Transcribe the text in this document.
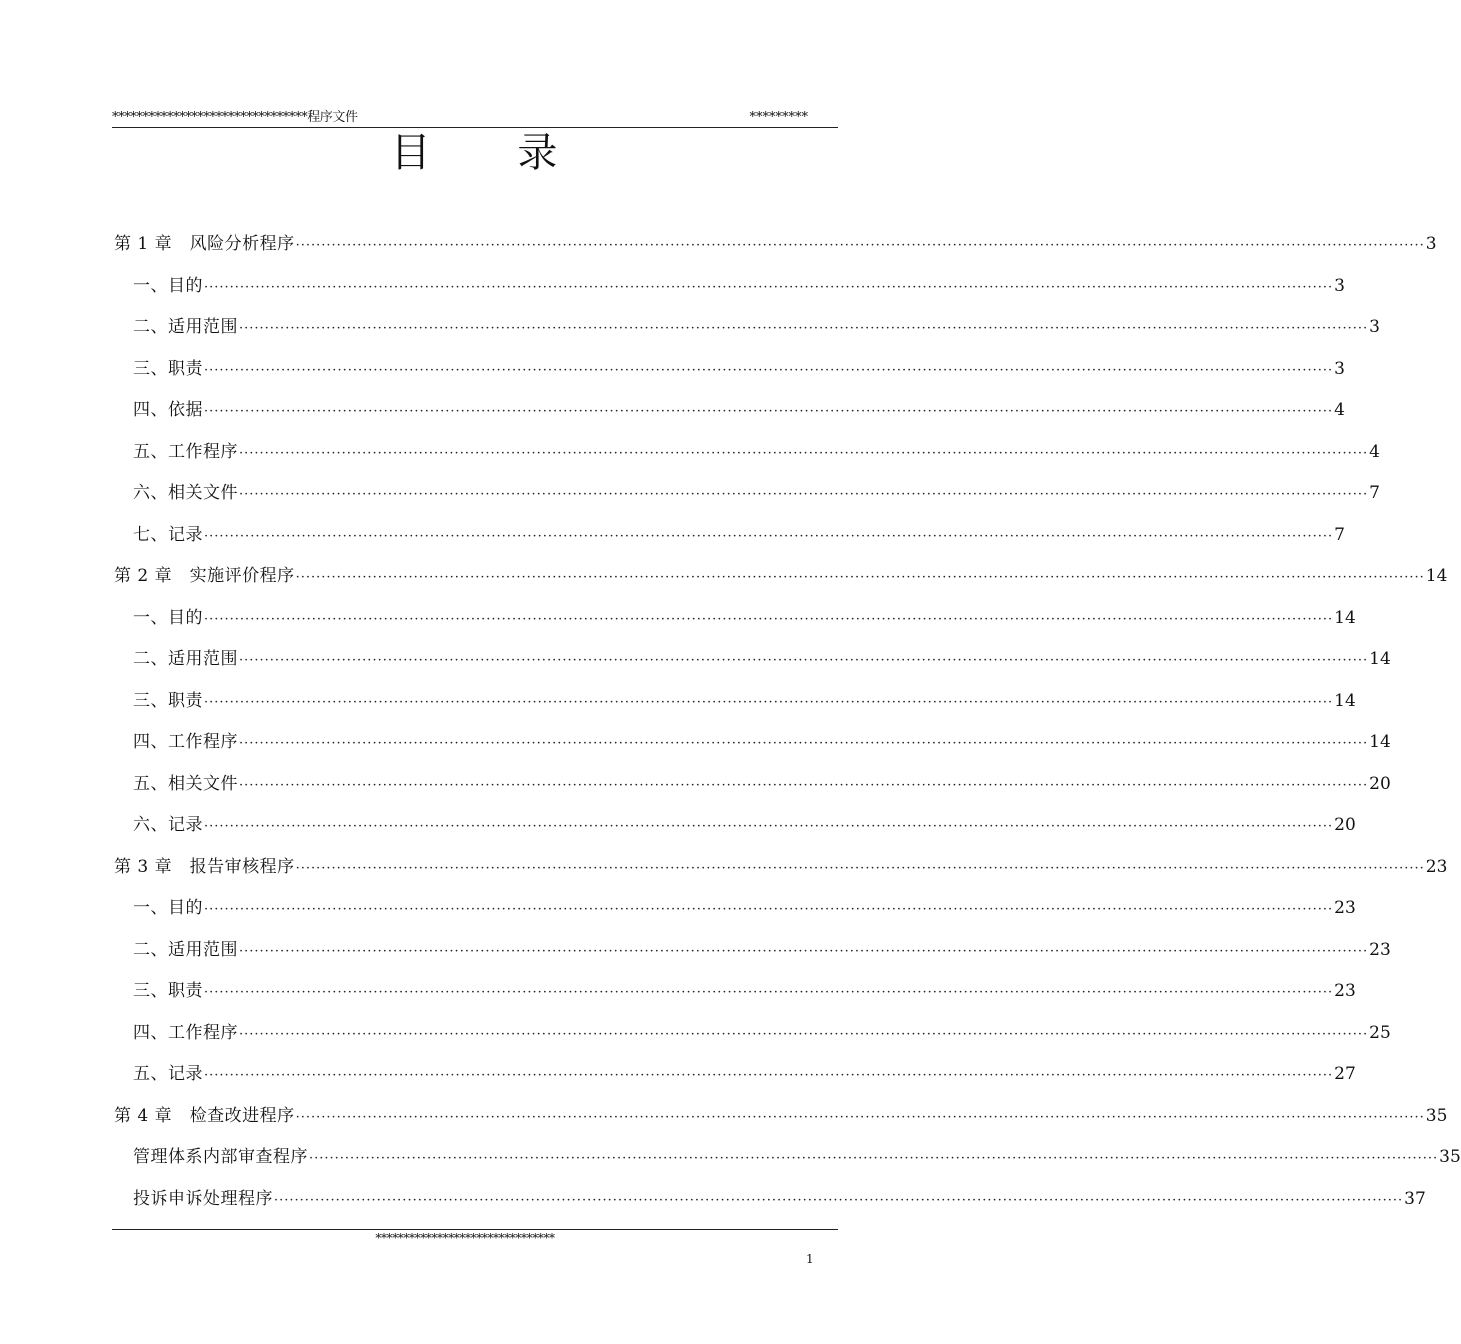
********************************程序文件	*********
目 录
第 1 章　风险分析程序 ···························································································································································································································· 3
一、目的 ···························································································································································································································· 3
二、适用范围 ···························································································································································································································· 3
三、职责 ···························································································································································································································· 3
四、依据 ···························································································································································································································· 4
五、工作程序 ···························································································································································································································· 4
六、相关文件 ···························································································································································································································· 7
七、记录 ···························································································································································································································· 7
第 2 章　实施评价程序 ···························································································································································································································· 14
一、目的 ···························································································································································································································· 14
二、适用范围 ···························································································································································································································· 14
三、职责 ···························································································································································································································· 14
四、工作程序 ···························································································································································································································· 14
五、相关文件 ···························································································································································································································· 20
六、记录 ···························································································································································································································· 20
第 3 章　报告审核程序 ···························································································································································································································· 23
一、目的 ···························································································································································································································· 23
二、适用范围 ···························································································································································································································· 23
三、职责 ···························································································································································································································· 23
四、工作程序 ···························································································································································································································· 25
五、记录 ···························································································································································································································· 27
第 4 章　检查改进程序 ···························································································································································································································· 35
管理体系内部审查程序 ···························································································································································································································· 35
投诉申诉处理程序 ···························································································································································································································· 37
********************************
1
